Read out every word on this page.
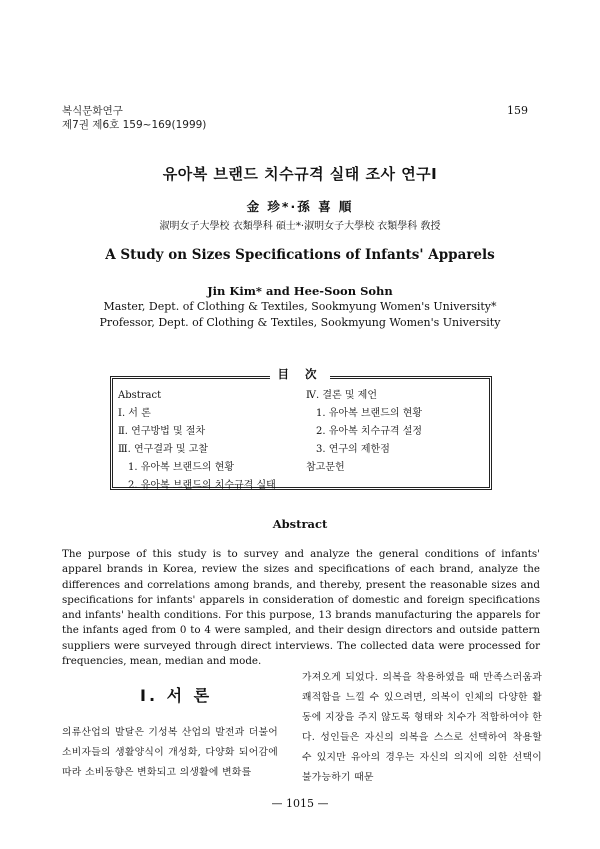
복식문화연구
제7권 제6호 159~169(1999)
159
유아복 브랜드 치수규격 실태 조사 연구Ⅰ
金 珍*·孫 喜 順
淑明女子大學校 衣類學科 碩士*·淑明女子大學校 衣類學科 敎授
A Study on Sizes Specifications of Infants' Apparels
Jin Kim* and Hee-Soon Sohn
Master, Dept. of Clothing & Textiles, Sookmyung Women's University*
Professor, Dept. of Clothing & Textiles, Sookmyung Women's University
目 次
Abstract
Ⅰ. 서 론
Ⅱ. 연구방법 및 절차
Ⅲ. 연구결과 및 고찰
1. 유아복 브랜드의 현황
2. 유아복 브랜드의 치수규격 실태
Ⅳ. 결론 및 제언
1. 유아복 브랜드의 현황
2. 유아복 치수규격 설정
3. 연구의 제한점
참고문헌
Abstract
The purpose of this study is to survey and analyze the general conditions of infants' apparel brands in Korea, review the sizes and specifications of each brand, analyze the differences and correlations among brands, and thereby, present the reasonable sizes and specifications for infants' apparels in consideration of domestic and foreign specifications and infants' health conditions. For this purpose, 13 brands manufacturing the apparels for the infants aged from 0 to 4 were sampled, and their design directors and outside pattern suppliers were surveyed through direct interviews. The collected data were processed for frequencies, mean, median and mode.
Ⅰ. 서 론
의류산업의 발달은 기성복 산업의 발전과 더불어 소비자들의 생활양식이 개성화, 다양화 되어감에 따라 소비동향은 변화되고 의생활에 변화를
가져오게 되었다. 의복을 착용하였을 때 만족스러움과 쾌적함을 느낄 수 있으려면, 의복이 인체의 다양한 활동에 지장을 주지 않도록 형태와 치수가 적합하여야 한다. 성인들은 자신의 의복을 스스로 선택하여 착용할 수 있지만 유아의 경우는 자신의 의지에 의한 선택이 불가능하기 때문
— 1015 —
